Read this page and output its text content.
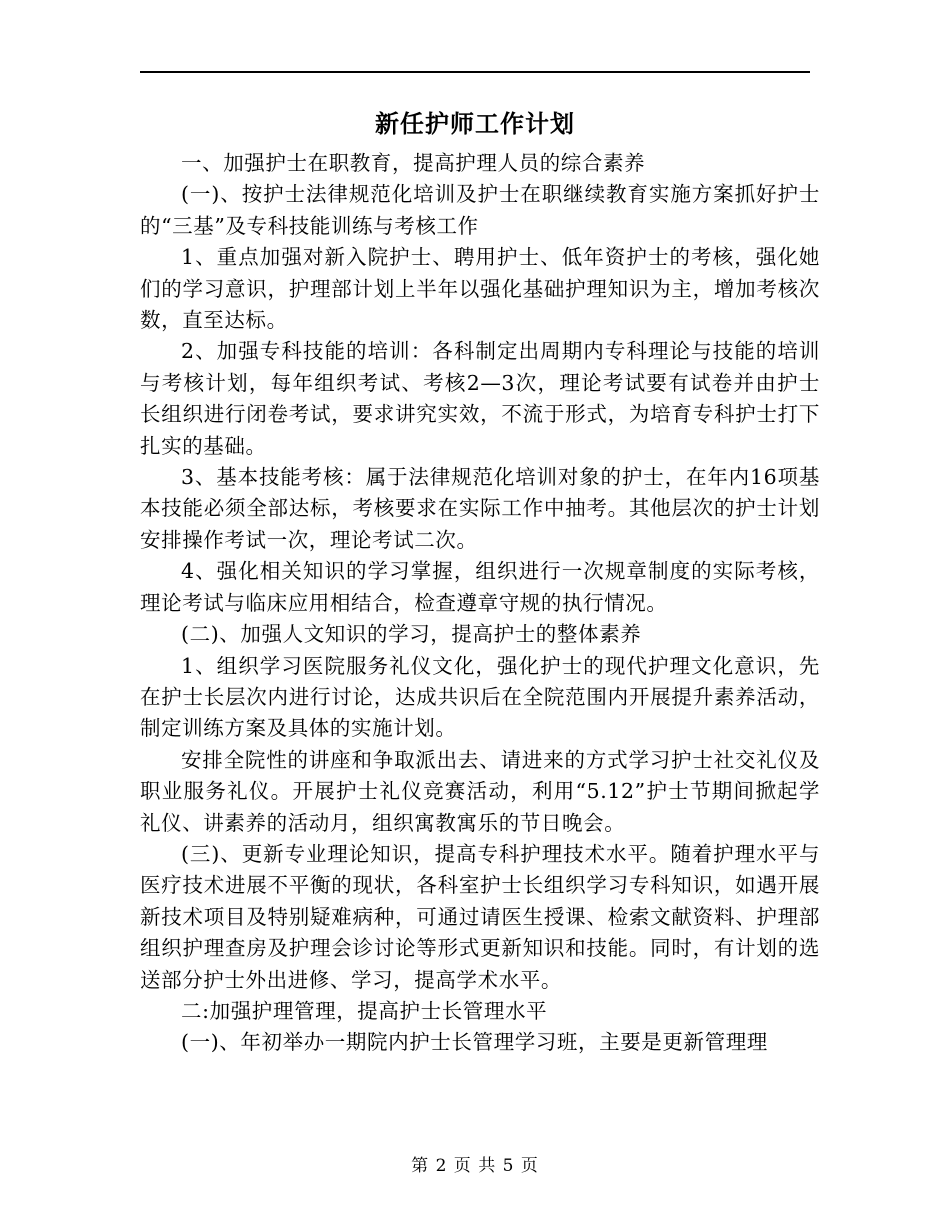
新任护师工作计划

一、加强护士在职教育，提高护理人员的综合素养

(一)、按护士法律规范化培训及护士在职继续教育实施方案抓好护士的“三基”及专科技能训练与考核工作

1、重点加强对新入院护士、聘用护士、低年资护士的考核，强化她们的学习意识，护理部计划上半年以强化基础护理知识为主，增加考核次数，直至达标。

2、加强专科技能的培训：各科制定出周期内专科理论与技能的培训与考核计划，每年组织考试、考核2—3次，理论考试要有试卷并由护士长组织进行闭卷考试，要求讲究实效，不流于形式，为培育专科护士打下扎实的基础。

3、基本技能考核：属于法律规范化培训对象的护士，在年内16项基本技能必须全部达标，考核要求在实际工作中抽考。其他层次的护士计划安排操作考试一次，理论考试二次。

4、强化相关知识的学习掌握，组织进行一次规章制度的实际考核，理论考试与临床应用相结合，检查遵章守规的执行情况。

(二)、加强人文知识的学习，提高护士的整体素养

1、组织学习医院服务礼仪文化，强化护士的现代护理文化意识，先在护士长层次内进行讨论，达成共识后在全院范围内开展提升素养活动，制定训练方案及具体的实施计划。

安排全院性的讲座和争取派出去、请进来的方式学习护士社交礼仪及职业服务礼仪。开展护士礼仪竞赛活动，利用“5.12”护士节期间掀起学礼仪、讲素养的活动月，组织寓教寓乐的节日晚会。

(三)、更新专业理论知识，提高专科护理技术水平。随着护理水平与医疗技术进展不平衡的现状，各科室护士长组织学习专科知识，如遇开展新技术项目及特别疑难病种，可通过请医生授课、检索文献资料、护理部组织护理查房及护理会诊讨论等形式更新知识和技能。同时，有计划的选送部分护士外出进修、学习，提高学术水平。

二:加强护理管理，提高护士长管理水平

(一)、年初举办一期院内护士长管理学习班，主要是更新管理理

第 2 页 共 5 页
